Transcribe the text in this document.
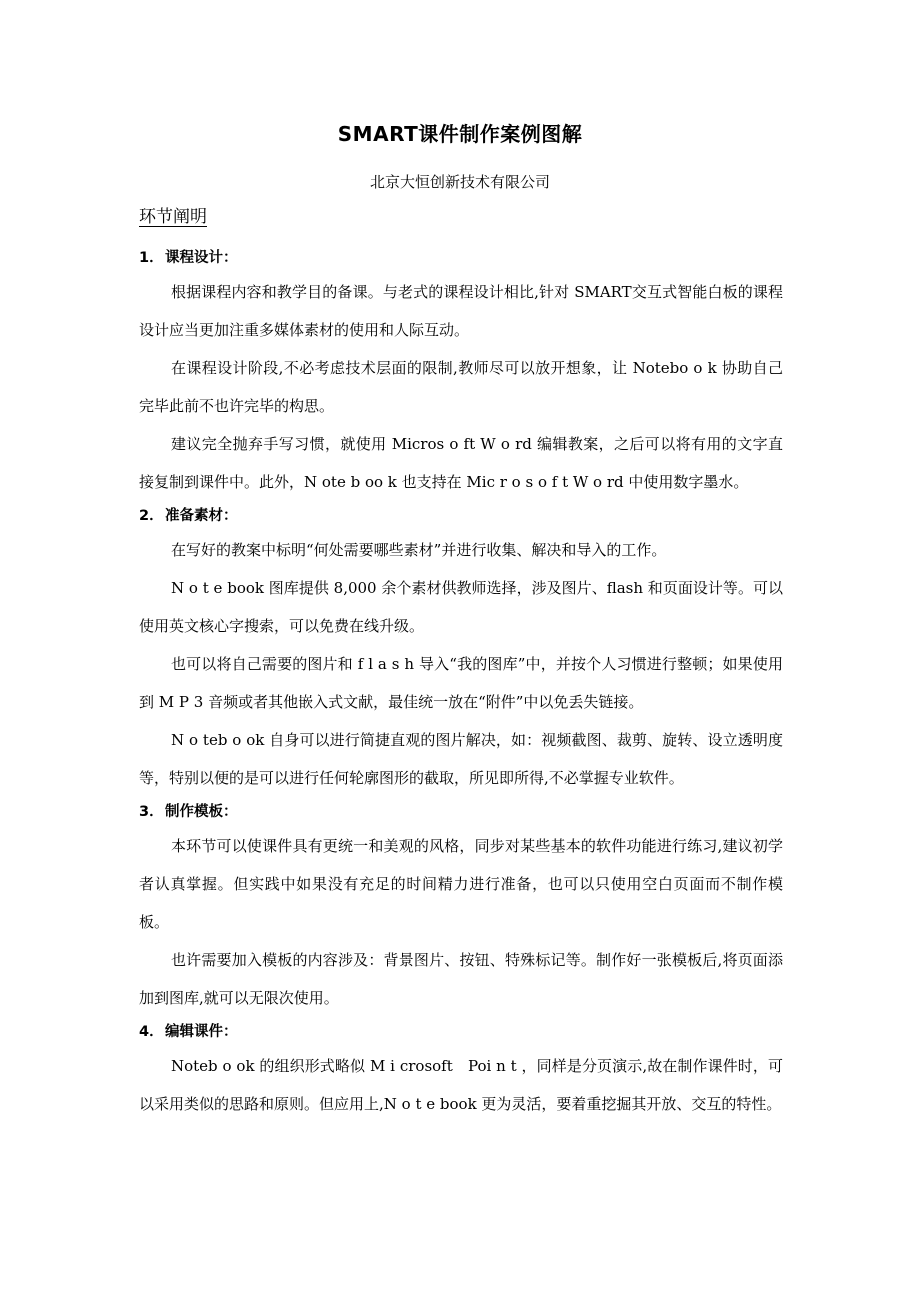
SMART课件制作案例图解
北京大恒创新技术有限公司
环节阐明

1．课程设计：

根据课程内容和教学目的备课。与老式的课程设计相比,针对 SMART交互式智能白板的课程设计应当更加注重多媒体素材的使用和人际互动。

在课程设计阶段,不必考虑技术层面的限制,教师尽可以放开想象，让 Notebo o k 协助自己完毕此前不也许完毕的构思。

建议完全抛弃手写习惯，就使用 Micros o ft W o rd 编辑教案，之后可以将有用的文字直接复制到课件中。此外，N ote b oo k 也支持在 Mic r o s o f t W o rd 中使用数字墨水。

2．准备素材：

在写好的教案中标明“何处需要哪些素材”并进行收集、解决和导入的工作。

N o t e book 图库提供 8,000 余个素材供教师选择，涉及图片、flash 和页面设计等。可以使用英文核心字搜索，可以免费在线升级。

也可以将自己需要的图片和 f l a s h 导入“我的图库”中，并按个人习惯进行整顿；如果使用到 M P 3 音频或者其他嵌入式文献，最佳统一放在“附件”中以免丢失链接。

N o teb o ok 自身可以进行简捷直观的图片解决，如：视频截图、裁剪、旋转、设立透明度等，特别以便的是可以进行任何轮廓图形的截取，所见即所得,不必掌握专业软件。

3．制作模板：

本环节可以使课件具有更统一和美观的风格，同步对某些基本的软件功能进行练习,建议初学者认真掌握。但实践中如果没有充足的时间精力进行准备，也可以只使用空白页面而不制作模板。

也许需要加入模板的内容涉及：背景图片、按钮、特殊标记等。制作好一张模板后,将页面添加到图库,就可以无限次使用。

4．编辑课件：

Noteb o ok 的组织形式略似 M i crosoft　Poi n t ，同样是分页演示,故在制作课件时，可以采用类似的思路和原则。但应用上,N o t e book 更为灵活，要着重挖掘其开放、交互的特性。
